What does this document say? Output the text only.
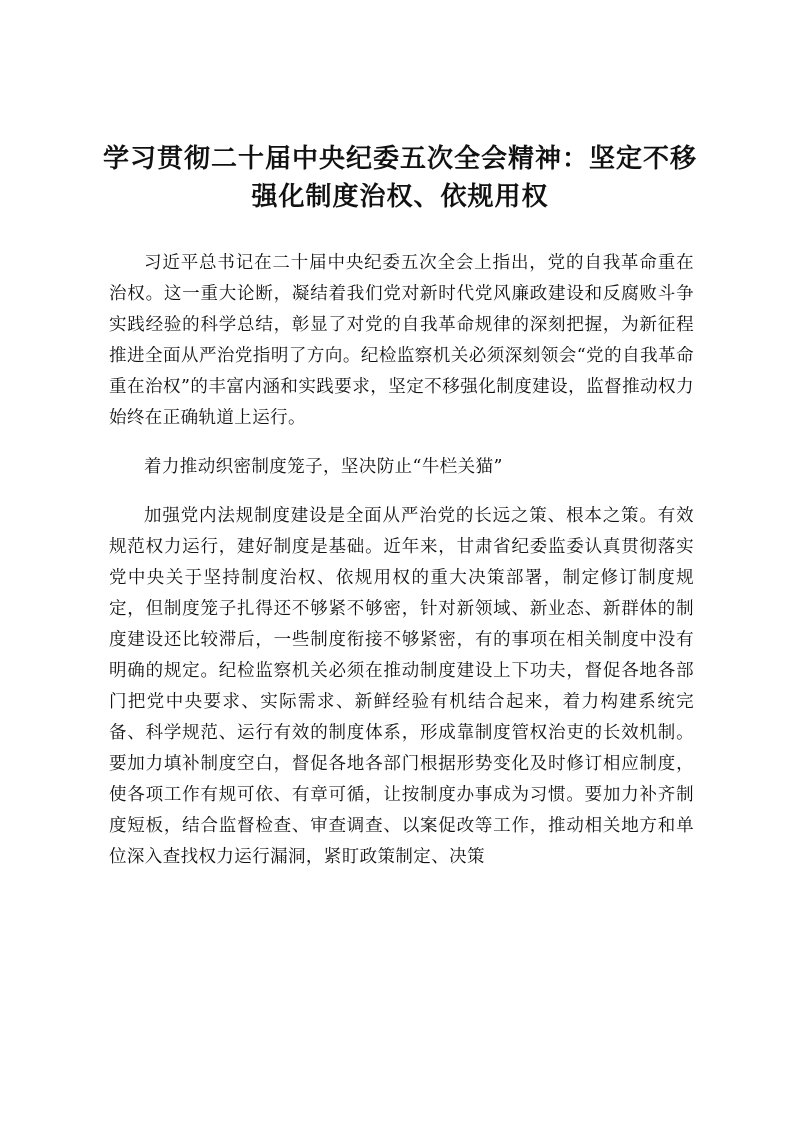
学习贯彻二十届中央纪委五次全会精神：坚定不移强化制度治权、依规用权

习近平总书记在二十届中央纪委五次全会上指出，党的自我革命重在治权。这一重大论断，凝结着我们党对新时代党风廉政建设和反腐败斗争实践经验的科学总结，彰显了对党的自我革命规律的深刻把握，为新征程推进全面从严治党指明了方向。纪检监察机关必须深刻领会“党的自我革命重在治权”的丰富内涵和实践要求，坚定不移强化制度建设，监督推动权力始终在正确轨道上运行。

着力推动织密制度笼子，坚决防止“牛栏关猫”

加强党内法规制度建设是全面从严治党的长远之策、根本之策。有效规范权力运行，建好制度是基础。近年来，甘肃省纪委监委认真贯彻落实党中央关于坚持制度治权、依规用权的重大决策部署，制定修订制度规定，但制度笼子扎得还不够紧不够密，针对新领域、新业态、新群体的制度建设还比较滞后，一些制度衔接不够紧密，有的事项在相关制度中没有明确的规定。纪检监察机关必须在推动制度建设上下功夫，督促各地各部门把党中央要求、实际需求、新鲜经验有机结合起来，着力构建系统完备、科学规范、运行有效的制度体系，形成靠制度管权治吏的长效机制。要加力填补制度空白，督促各地各部门根据形势变化及时修订相应制度，使各项工作有规可依、有章可循，让按制度办事成为习惯。要加力补齐制度短板，结合监督检查、审查调查、以案促改等工作，推动相关地方和单位深入查找权力运行漏洞，紧盯政策制定、决策
